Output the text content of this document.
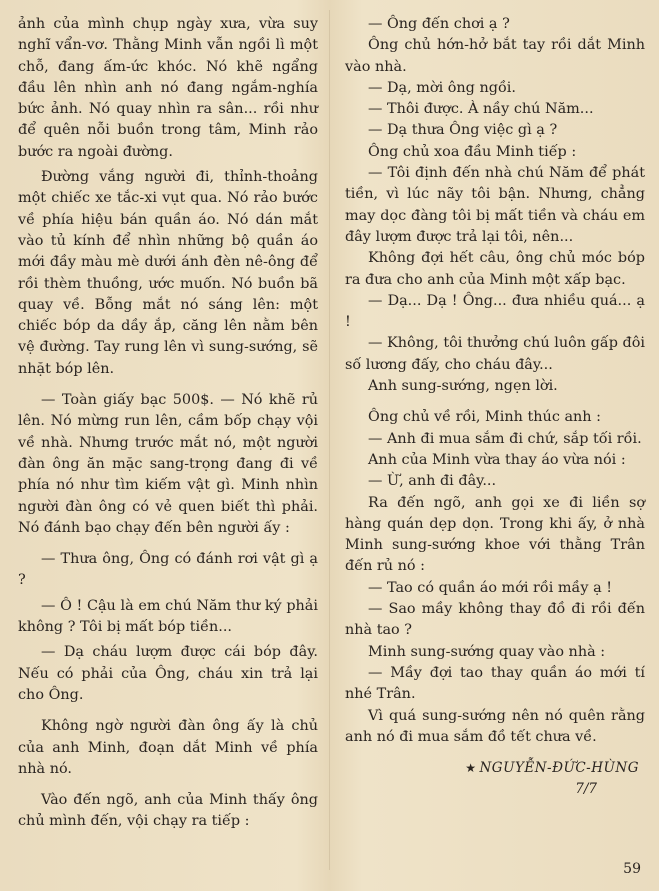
ảnh của mình chụp ngày xưa, vừa suy nghĩ vẩn-vơ. Thằng Minh vẫn ngồi lì một chỗ, đang ấm-ức khóc. Nó khẽ ngẩng đầu lên nhìn anh nó đang ngắm-nghía bức ảnh. Nó quay nhìn ra sân... rồi như để quên nỗi buồn trong tâm, Minh rảo bước ra ngoài đường.

Đường vắng người đi, thỉnh-thoảng một chiếc xe tắc-xi vụt qua. Nó rảo bước về phía hiệu bán quần áo. Nó dán mắt vào tủ kính để nhìn những bộ quần áo mới đầy màu mè dưới ánh đèn nê-ông để rồi thèm thuồng, ước muốn. Nó buồn bã quay về. Bỗng mắt nó sáng lên: một chiếc bóp da dầy ắp, căng lên nằm bên vệ đường. Tay rung lên vì sung-sướng, sẽ nhặt bóp lên.

— Toàn giấy bạc 500$. — Nó khẽ rủ lên. Nó mừng run lên, cầm bốp chạy vội về nhà. Nhưng trước mắt nó, một người đàn ông ăn mặc sang-trọng đang đi về phía nó như tìm kiếm vật gì. Minh nhìn người đàn ông có vẻ quen biết thì phải. Nó đánh bạo chạy đến bên người ấy :

— Thưa ông, Ông có đánh rơi vật gì ạ ?

— Ô ! Cậu là em chú Năm thư ký phải không ? Tôi bị mất bóp tiền...

— Dạ cháu lượm được cái bóp đây. Nếu có phải của Ông, cháu xin trả lại cho Ông.

Không ngờ người đàn ông ấy là chủ của anh Minh, đoạn dắt Minh về phía nhà nó.

Vào đến ngõ, anh của Minh thấy ông chủ mình đến, vội chạy ra tiếp :

— Ông đến chơi ạ ?

Ông chủ hớn-hở bắt tay rồi dắt Minh vào nhà.

— Dạ, mời ông ngồi.

— Thôi được. À nầy chú Năm...

— Dạ thưa Ông việc gì ạ ?

Ông chủ xoa đầu Minh tiếp :

— Tôi định đến nhà chú Năm để phát tiền, vì lúc nãy tôi bận. Nhưng, chẳng may dọc đàng tôi bị mất tiền và cháu em đây lượm được trả lại tôi, nên...

Không đợi hết câu, ông chủ móc bóp ra đưa cho anh của Minh một xấp bạc.

— Dạ... Dạ ! Ông... đưa nhiều quá... ạ !

— Không, tôi thưởng chú luôn gấp đôi số lương đấy, cho cháu đây...

Anh sung-sướng, ngẹn lời.

Ông chủ về rồi, Minh thúc anh :

— Anh đi mua sắm đi chứ, sắp tối rồi.

Anh của Minh vừa thay áo vừa nói :

— Ừ, anh đi đây...

Ra đến ngõ, anh gọi xe đi liền sợ hàng quán dẹp dọn. Trong khi ấy, ở nhà Minh sung-sướng khoe với thằng Trân đến rủ nó :

— Tao có quần áo mới rồi mầy ạ !

— Sao mầy không thay đồ đi rồi đến nhà tao ?

Minh sung-sướng quay vào nhà :

— Mầy đợi tao thay quần áo mới tí nhé Trân.

Vì quá sung-sướng nên nó quên rằng anh nó đi mua sắm đồ tết chưa về.

★ NGUYỄN-ĐỨC-HÙNG
7/7
59
